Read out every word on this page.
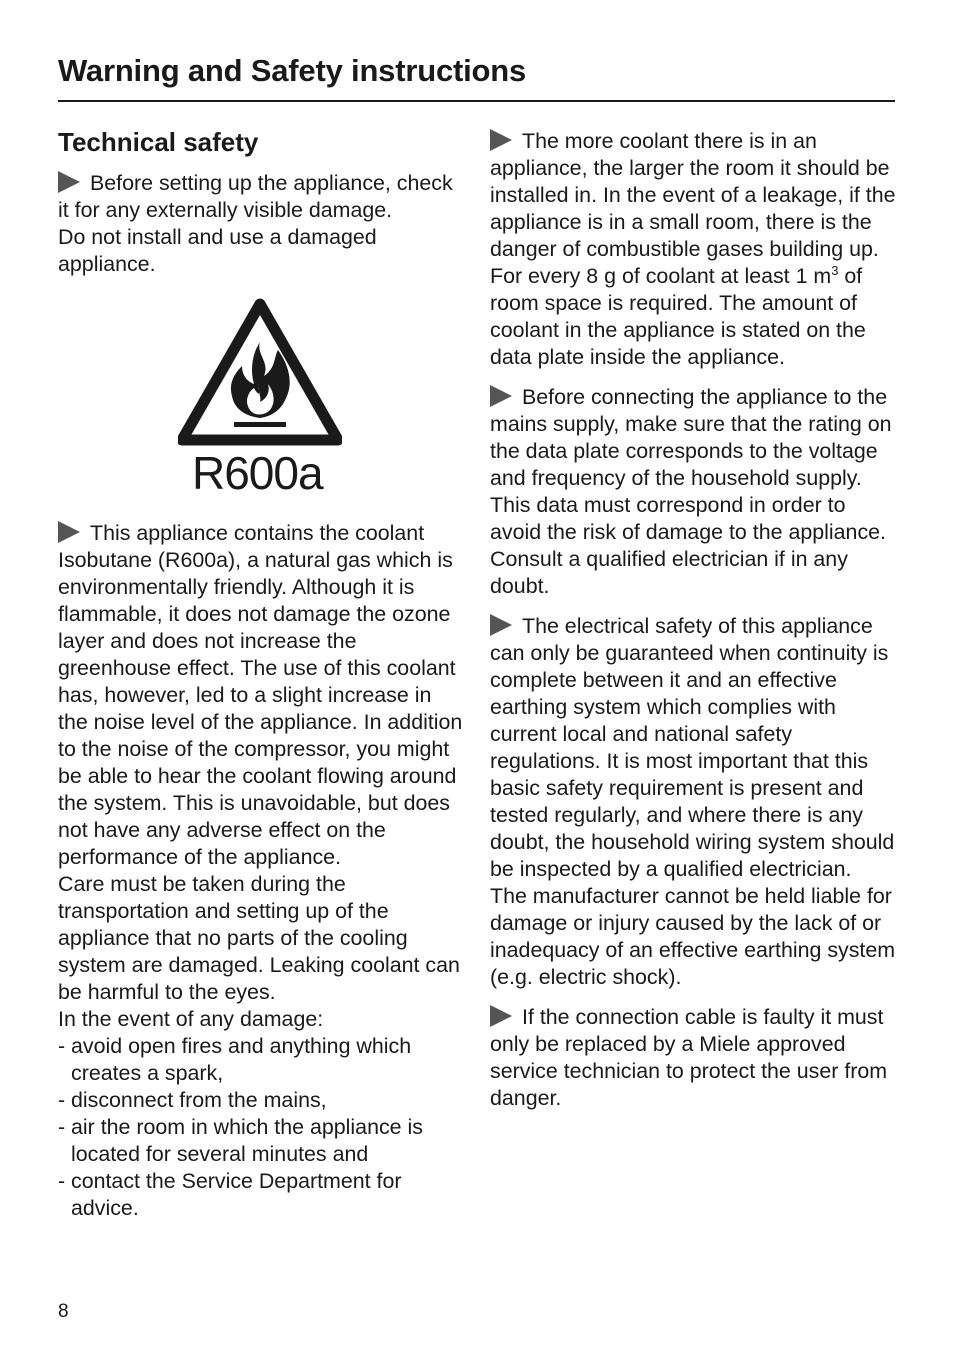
Warning and Safety instructions
Technical safety

Before setting up the appliance, check it for any externally visible damage.

Do not install and use a damaged appliance.

R600a

This appliance contains the coolant Isobutane (R600a), a natural gas which is environmentally friendly. Although it is flammable, it does not damage the ozone layer and does not increase the greenhouse effect. The use of this coolant has, however, led to a slight increase in the noise level of the appliance. In addition to the noise of the compressor, you might be able to hear the coolant flowing around the system. This is unavoidable, but does not have any adverse effect on the performance of the appliance.

Care must be taken during the transportation and setting up of the appliance that no parts of the cooling system are damaged. Leaking coolant can be harmful to the eyes.

In the event of any damage:

- avoid open fires and anything which creates a spark,
- disconnect from the mains,
- air the room in which the appliance is located for several minutes and
- contact the Service Department for advice.

The more coolant there is in an appliance, the larger the room it should be installed in. In the event of a leakage, if the appliance is in a small room, there is the danger of combustible gases building up.

For every 8 g of coolant at least 1 $m^3$ of room space is required. The amount of coolant in the appliance is stated on the data plate inside the appliance.

Before connecting the appliance to the mains supply, make sure that the rating on the data plate corresponds to the voltage and frequency of the household supply.

This data must correspond in order to avoid the risk of damage to the appliance. Consult a qualified electrician if in any doubt.

The electrical safety of this appliance can only be guaranteed when continuity is complete between it and an effective earthing system which complies with current local and national safety regulations. It is most important that this basic safety requirement is present and tested regularly, and where there is any doubt, the household wiring system should be inspected by a qualified electrician.

The manufacturer cannot be held liable for damage or injury caused by the lack of or inadequacy of an effective earthing system (e.g. electric shock).

If the connection cable is faulty it must only be replaced by a Miele approved service technician to protect the user from danger.

8
